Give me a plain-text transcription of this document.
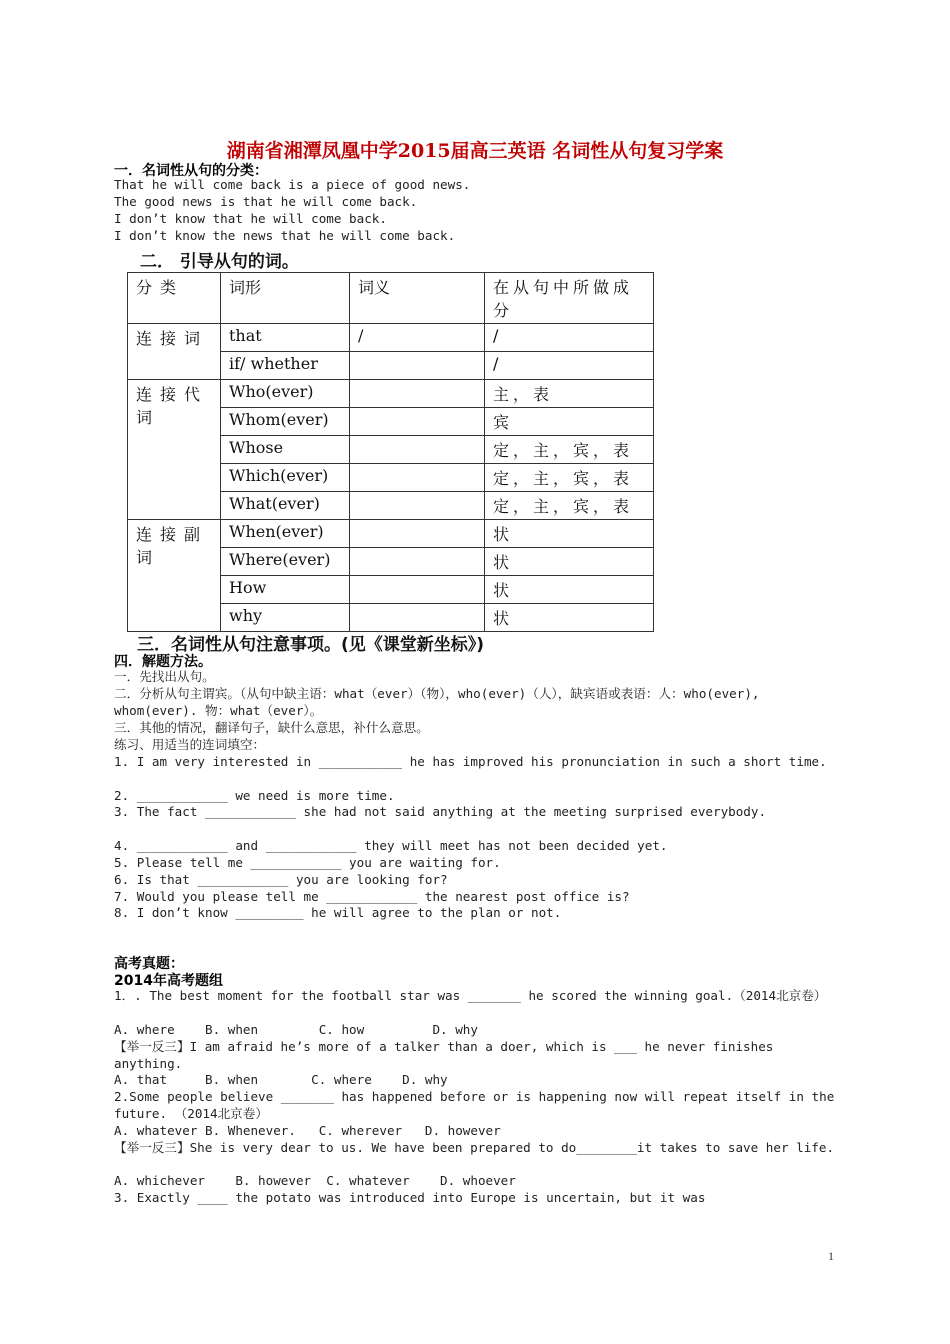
湖南省湘潭凤凰中学2015届高三英语 名词性从句复习学案
一．名词性从句的分类：
That he will come back is a piece of good news.
The good news is that he will come back.
I don’t know that he will come back.
I don’t know the news that he will come back.
二． 引导从句的词。
分类	词形	词义	在从句中所做成分
连接词	that	/	/
	if/ whether		/
连接代词	Who(ever)		主，表
	Whom(ever)		宾
	Whose		定，主，宾，表
	Which(ever)		定，主，宾，表
	What(ever)		定，主，宾，表
连接副词	When(ever)		状
	Where(ever)		状
	How		状
	why		状
三．名词性从句注意事项。(见《课堂新坐标》)
四．解题方法。
一．先找出从句。
二．分析从句主谓宾。（从句中缺主语：what（ever）（物），who(ever)（人），缺宾语或表语：人：who(ever), whom(ever). 物：what（ever）。
三．其他的情况，翻译句子，缺什么意思，补什么意思。
练习、用适当的连词填空：
1. I am very interested in ___________ he has improved his pronunciation in such a short time.
2. ____________ we need is more time.
3. The fact ____________ she had not said anything at the meeting surprised everybody.
4. ____________ and ____________ they will meet has not been decided yet.
5. Please tell me ____________ you are waiting for.
6. Is that ____________ you are looking for?
7. Would you please tell me ____________ the nearest post office is?
8. I don’t know _________ he will agree to the plan or not.
高考真题：
2014年高考题组
1．. The best moment for the football star was _______ he scored the winning goal.（2014北京卷）
A. where    B. when        C. how         D. why
【举一反三】I am afraid he’s more of a talker than a doer, which is ___ he never finishes anything.
A. that     B. when       C. where    D. why
2.Some people believe _______ has happened before or is happening now will repeat itself in the future. （2014北京卷）
A. whatever B. Whenever.   C. wherever   D. however
【举一反三】She is very dear to us. We have been prepared to do________it takes to save her life.
A. whichever    B. however  C. whatever    D. whoever
3. Exactly ____ the potato was introduced into Europe is uncertain, but it was
1
